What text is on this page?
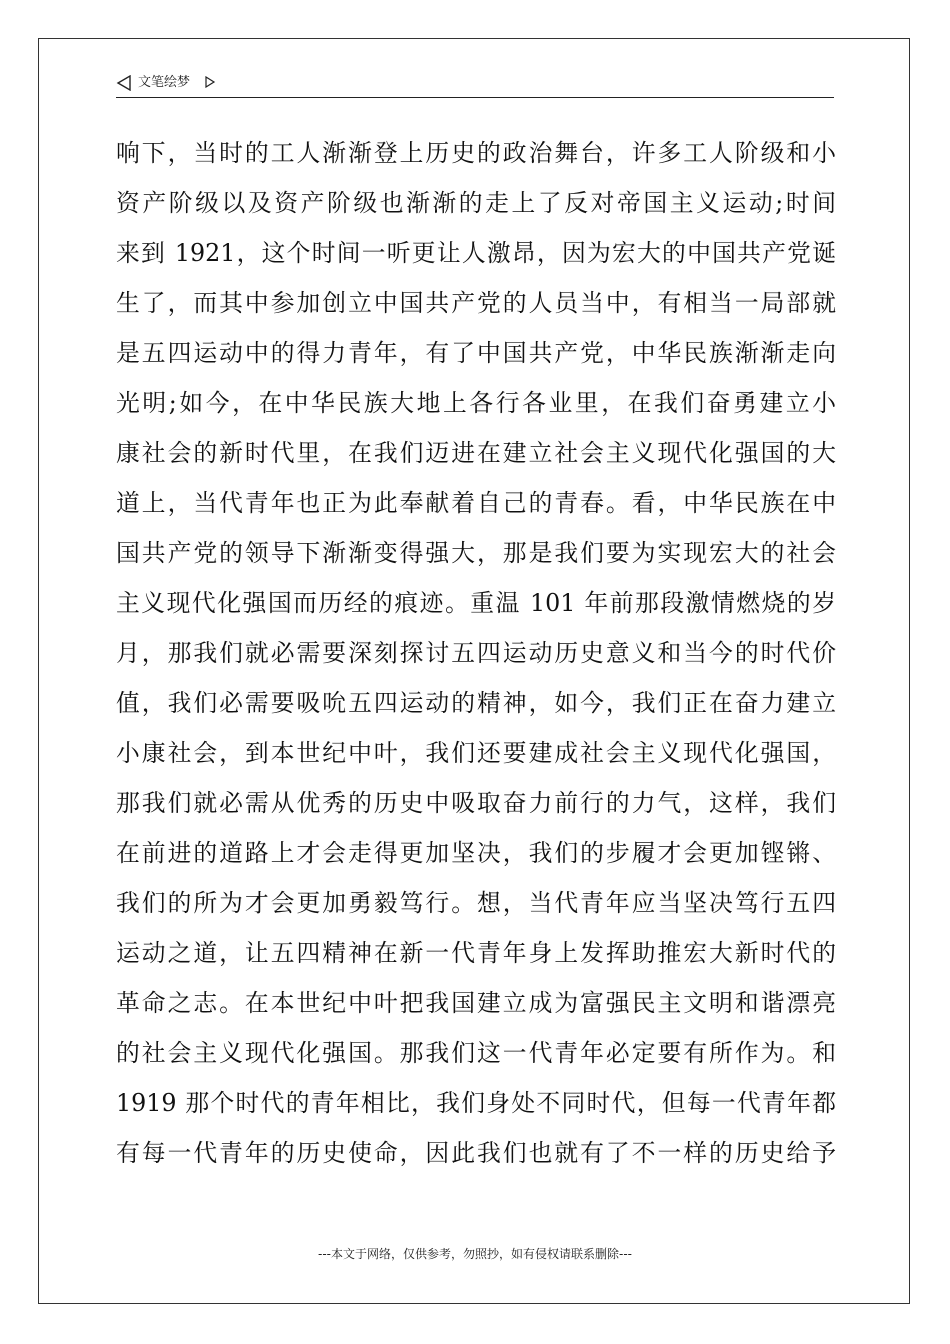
文笔绘梦
响下，当时的工人渐渐登上历史的政治舞台，许多工人阶级和小
资产阶级以及资产阶级也渐渐的走上了反对帝国主义运动;时间
来到 1921，这个时间一听更让人激昂，因为宏大的中国共产党诞
生了，而其中参加创立中国共产党的人员当中，有相当一局部就
是五四运动中的得力青年，有了中国共产党，中华民族渐渐走向
光明;如今，在中华民族大地上各行各业里，在我们奋勇建立小
康社会的新时代里，在我们迈进在建立社会主义现代化强国的大
道上，当代青年也正为此奉献着自己的青春。看，中华民族在中
国共产党的领导下渐渐变得强大，那是我们要为实现宏大的社会
主义现代化强国而历经的痕迹。重温 101 年前那段激情燃烧的岁
月，那我们就必需要深刻探讨五四运动历史意义和当今的时代价
值，我们必需要吸吮五四运动的精神，如今，我们正在奋力建立
小康社会，到本世纪中叶，我们还要建成社会主义现代化强国，
那我们就必需从优秀的历史中吸取奋力前行的力气，这样，我们
在前进的道路上才会走得更加坚决，我们的步履才会更加铿锵、
我们的所为才会更加勇毅笃行。想，当代青年应当坚决笃行五四
运动之道，让五四精神在新一代青年身上发挥助推宏大新时代的
革命之志。在本世纪中叶把我国建立成为富强民主文明和谐漂亮
的社会主义现代化强国。那我们这一代青年必定要有所作为。和
1919 那个时代的青年相比，我们身处不同时代，但每一代青年都
有每一代青年的历史使命，因此我们也就有了不一样的历史给予
---本文于网络，仅供参考，勿照抄，如有侵权请联系删除---
